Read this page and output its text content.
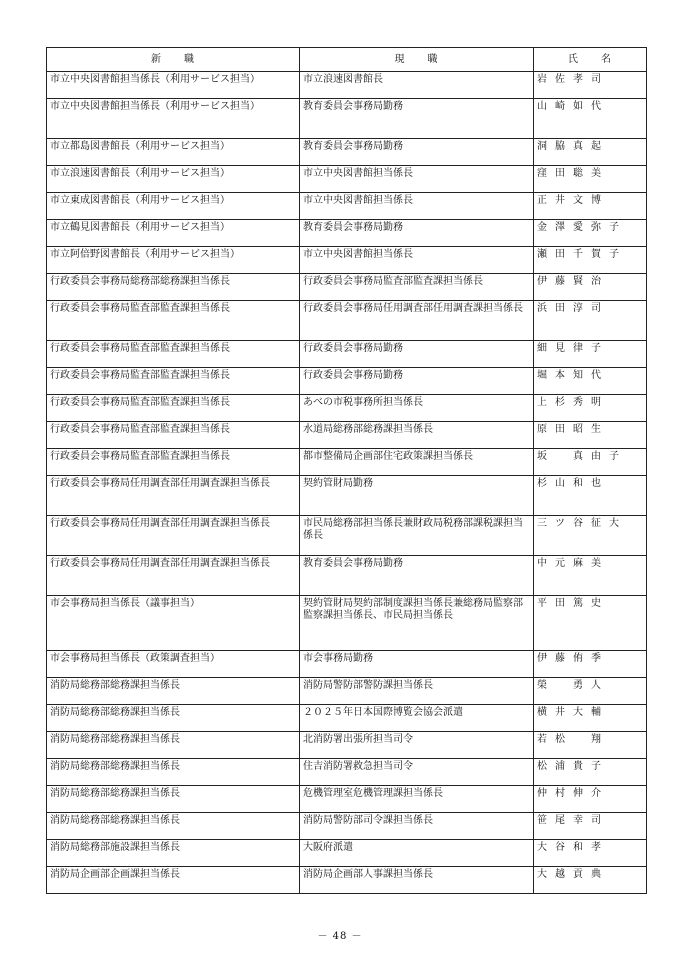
新　　職	現　　職	氏　　名
市立中央図書館担当係長（利用サービス担当）	市立浪速図書館長	岩佐孝司
市立中央図書館担当係長（利用サービス担当）	教育委員会事務局勤務	山崎如代
市立都島図書館長（利用サービス担当）	教育委員会事務局勤務	洞脇真起
市立浪速図書館長（利用サービス担当）	市立中央図書館担当係長	窪田聡美
市立東成図書館長（利用サービス担当）	市立中央図書館担当係長	正井文博
市立鶴見図書館長（利用サービス担当）	教育委員会事務局勤務	金澤愛弥子
市立阿倍野図書館長（利用サービス担当）	市立中央図書館担当係長	瀬田千賀子
行政委員会事務局総務部総務課担当係長	行政委員会事務局監査部監査課担当係長	伊藤賢治
行政委員会事務局監査部監査課担当係長	行政委員会事務局任用調査部任用調査課担当係長	浜田淳司
行政委員会事務局監査部監査課担当係長	行政委員会事務局勤務	細見律子
行政委員会事務局監査部監査課担当係長	行政委員会事務局勤務	堀本知代
行政委員会事務局監査部監査課担当係長	あべの市税事務所担当係長	上杉秀明
行政委員会事務局監査部監査課担当係長	水道局総務部総務課担当係長	原田昭生
行政委員会事務局監査部監査課担当係長	都市整備局企画部住宅政策課担当係長	坂　真由子
行政委員会事務局任用調査部任用調査課担当係長	契約管財局勤務	杉山和也
行政委員会事務局任用調査部任用調査課担当係長	市民局総務部担当係長兼財政局税務部課税課担当係長	三ツ谷征大
行政委員会事務局任用調査部任用調査課担当係長	教育委員会事務局勤務	中元麻美
市会事務局担当係長（議事担当）	契約管財局契約部制度課担当係長兼総務局監察部監察課担当係長、市民局担当係長	平田篤史
市会事務局担当係長（政策調査担当）	市会事務局勤務	伊藤侑季
消防局総務部総務課担当係長	消防局警防部警防課担当係長	榮　勇人
消防局総務部総務課担当係長	２０２５年日本国際博覧会協会派遣	横井大輔
消防局総務部総務課担当係長	北消防署出張所担当司令	若松　翔
消防局総務部総務課担当係長	住吉消防署救急担当司令	松浦貴子
消防局総務部総務課担当係長	危機管理室危機管理課担当係長	仲村伸介
消防局総務部総務課担当係長	消防局警防部司令課担当係長	笹尾幸司
消防局総務部施設課担当係長	大阪府派遣	大谷和孝
消防局企画部企画課担当係長	消防局企画部人事課担当係長	大越貢典
－ 48 －
